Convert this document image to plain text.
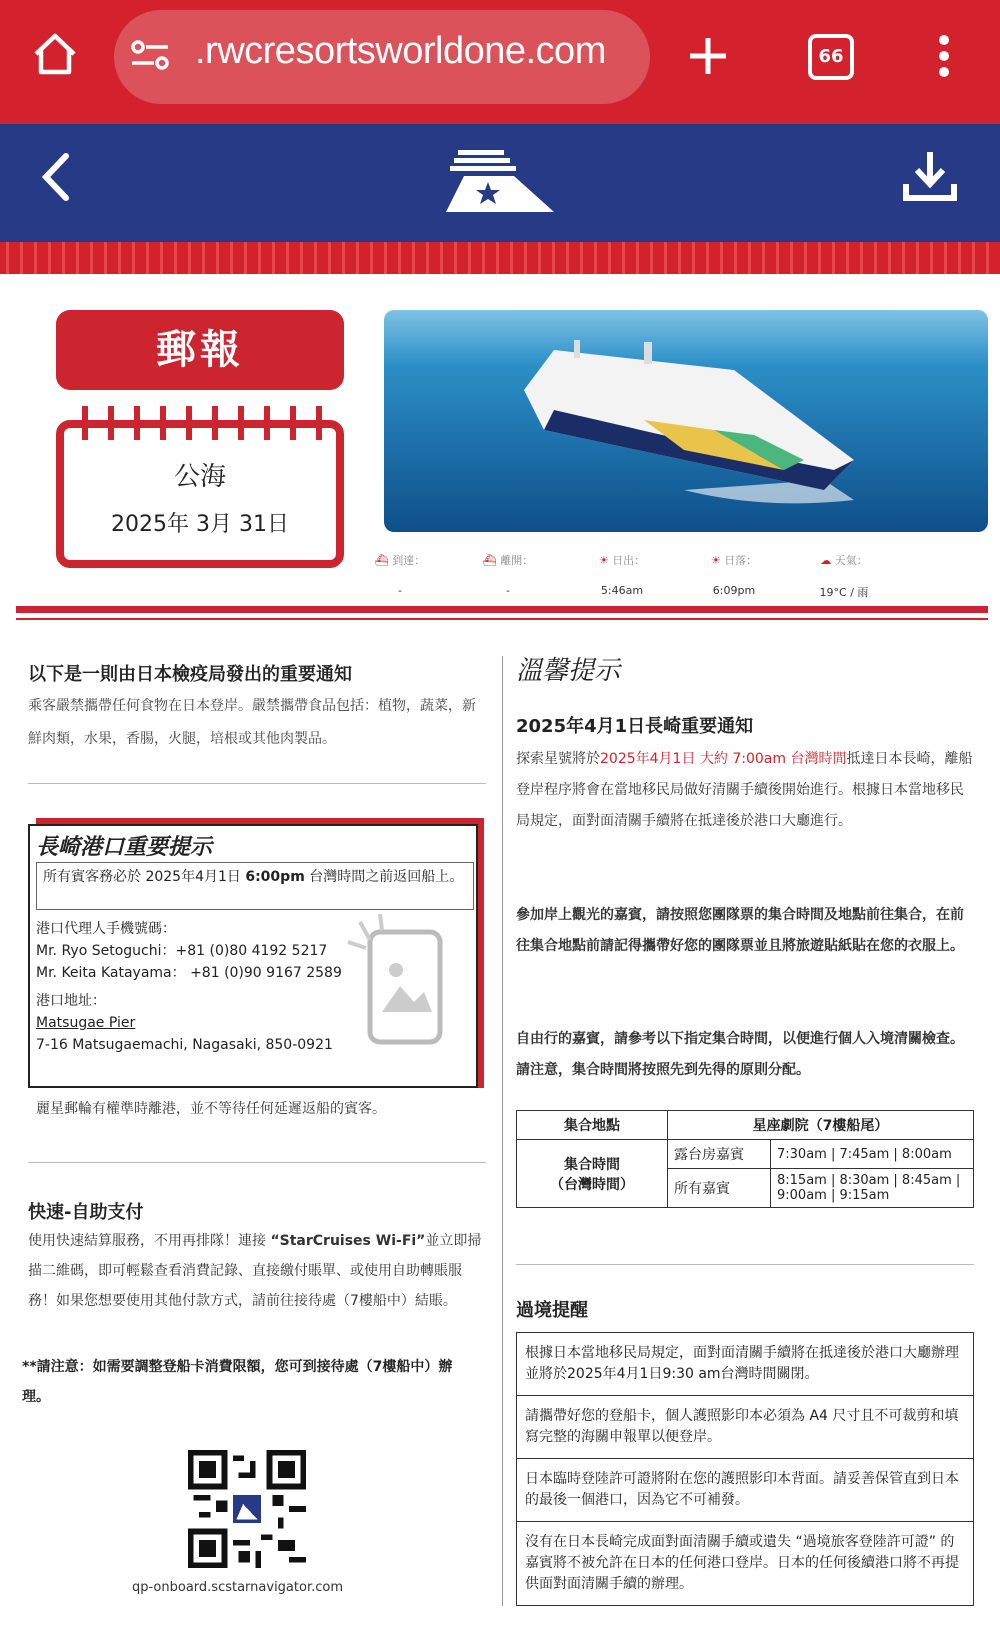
.rwcresortsworldone.com	66
郵報
公海
2025年 3月 31日
⛴ 到達：
-
⛴ 離開：
-
☀ 日出：
5:46am
☀ 日落：
6:09pm
☁ 天氣：
19°C / 雨
以下是一則由日本檢疫局發出的重要通知
乘客嚴禁攜帶任何食物在日本登岸。嚴禁攜帶食品包括：植物，蔬菜，新鮮肉類，水果，香腸，火腿，培根或其他肉製品。
長崎港口重要提示
所有賓客務必於 2025年4月1日 6:00pm 台灣時間之前返回船上。
港口代理人手機號碼：
Mr. Ryo Setoguchi：+81 (0)80 4192 5217
Mr. Keita Katayama： +81 (0)90 9167 2589
港口地址：
Matsugae Pier
7-16 Matsugaemachi, Nagasaki, 850-0921
麗星郵輪有權準時離港，並不等待任何延遲返船的賓客。
快速-自助支付
使用快速結算服務，不用再排隊！連接 “StarCruises Wi-Fi”並立即掃描二維碼，即可輕鬆查看消費記錄、直接繳付賬單、或使用自助轉賬服務！如果您想要使用其他付款方式，請前往接待處（7樓船中）結賬。
**請注意：如需要調整登船卡消費限額，您可到接待處（7樓船中）辦理。
qp-onboard.scstarnavigator.com
溫馨提示
2025年4月1日長崎重要通知
探索星號將於2025年4月1日 大約 7:00am 台灣時間抵達日本長崎，離船登岸程序將會在當地移民局做好清關手續後開始進行。根據日本當地移民局規定，面對面清關手續將在抵達後於港口大廳進行。
參加岸上觀光的嘉賓，請按照您團隊票的集合時間及地點前往集合，在前往集合地點前請記得攜帶好您的團隊票並且將旅遊貼紙貼在您的衣服上。
自由行的嘉賓，請參考以下指定集合時間，以便進行個人入境清關檢查。請注意，集合時間將按照先到先得的原則分配。
集合地點	星座劇院（7樓船尾）	
集合時間
（台灣時間）	露台房嘉賓	7:30am | 7:45am | 8:00am
	所有嘉賓	8:15am | 8:30am | 8:45am | 9:00am | 9:15am
過境提醒
根據日本當地移民局規定，面對面清關手續將在抵達後於港口大廳辦理並將於2025年4月1日9:30 am台灣時間關閉。
請攜帶好您的登船卡，個人護照影印本必須為 A4 尺寸且不可裁剪和填寫完整的海關申報單以便登岸。
日本臨時登陸許可證將附在您的護照影印本背面。請妥善保管直到日本的最後一個港口，因為它不可補發。
沒有在日本長崎完成面對面清關手續或遺失 “過境旅客登陸許可證” 的嘉賓將不被允許在日本的任何港口登岸。日本的任何後續港口將不再提供面對面清關手續的辦理。
